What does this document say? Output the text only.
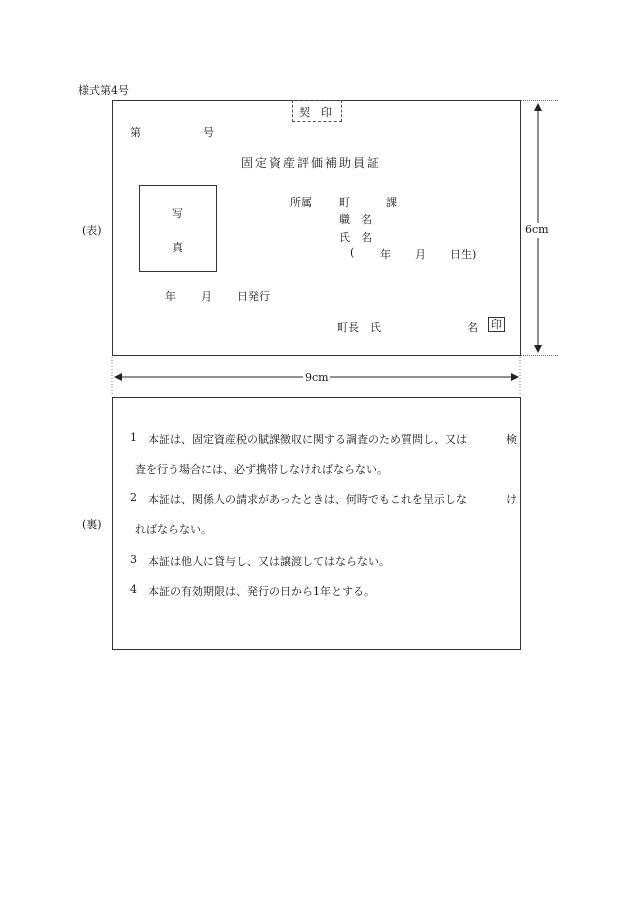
様式第4号
(表)
契　印
第	号
固定資産評価補助員証
写
真
所属 町	課
職　名
氏　名
( 年 月 日生)
年 月 日発行
町長　氏	名 印
6cm
9cm
(裏)
1 本証は、固定資産税の賦課徴収に関する調査のため質問し、又は	検
査を行う場合には、必ず携帯しなければならない。
2 本証は、関係人の請求があったときは、何時でもこれを呈示しな	け
ればならない。
3 本証は他人に貸与し、又は譲渡してはならない。
4 本証の有効期限は、発行の日から1年とする。
